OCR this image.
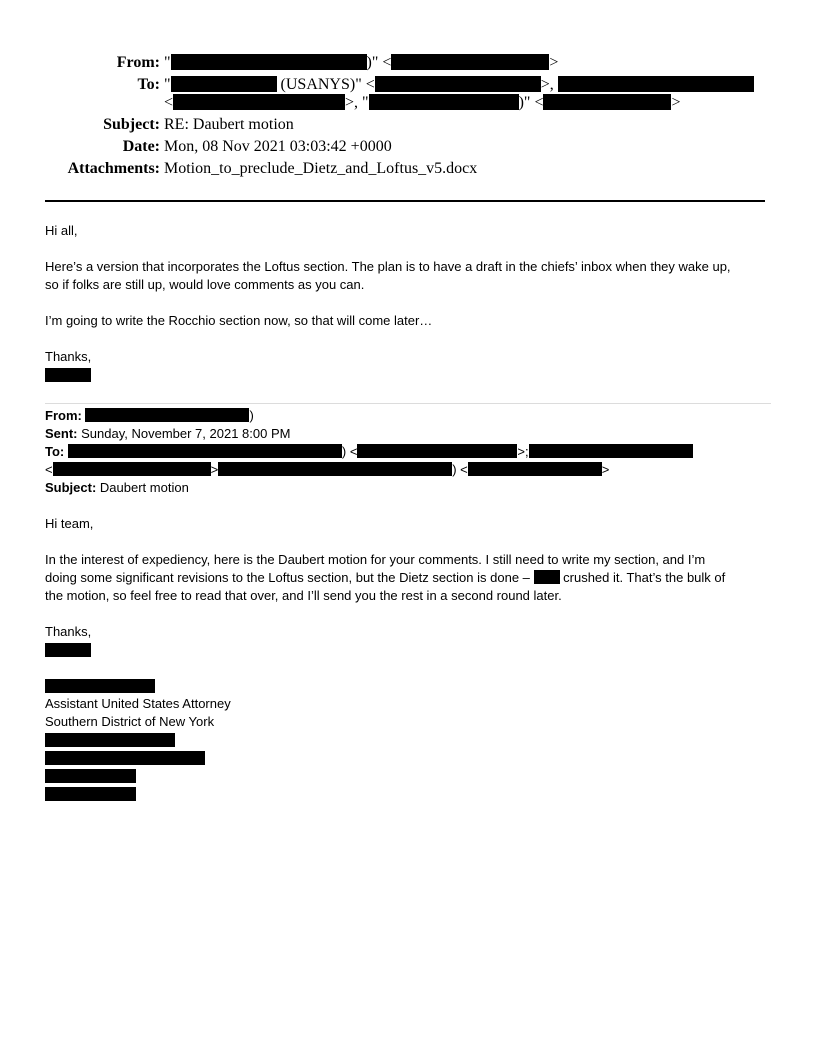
From: "	)" <	>
To: "	(USANYS)" <	>,
<	>, "	)" <	>
Subject: RE: Daubert motion
Date: Mon, 08 Nov 2021 03:03:42 +0000
Attachments: Motion_to_preclude_Dietz_and_Loftus_v5.docx
Hi all,
Here’s a version that incorporates the Loftus section. The plan is to have a draft in the chiefs’ inbox when they wake up,
so if folks are still up, would love comments as you can.
I’m going to write the Rocchio section now, so that will come later…
Thanks,
From:	)
Sent: Sunday, November 7, 2021 8:00 PM
To:	) <	>;
<	>	) <	>
Subject: Daubert motion
Hi team,
In the interest of expediency, here is the Daubert motion for your comments. I still need to write my section, and I’m
doing some significant revisions to the Loftus section, but the Dietz section is done –	crushed it. That’s the bulk of
the motion, so feel free to read that over, and I’ll send you the rest in a second round later.
Thanks,
Assistant United States Attorney
Southern District of New York
